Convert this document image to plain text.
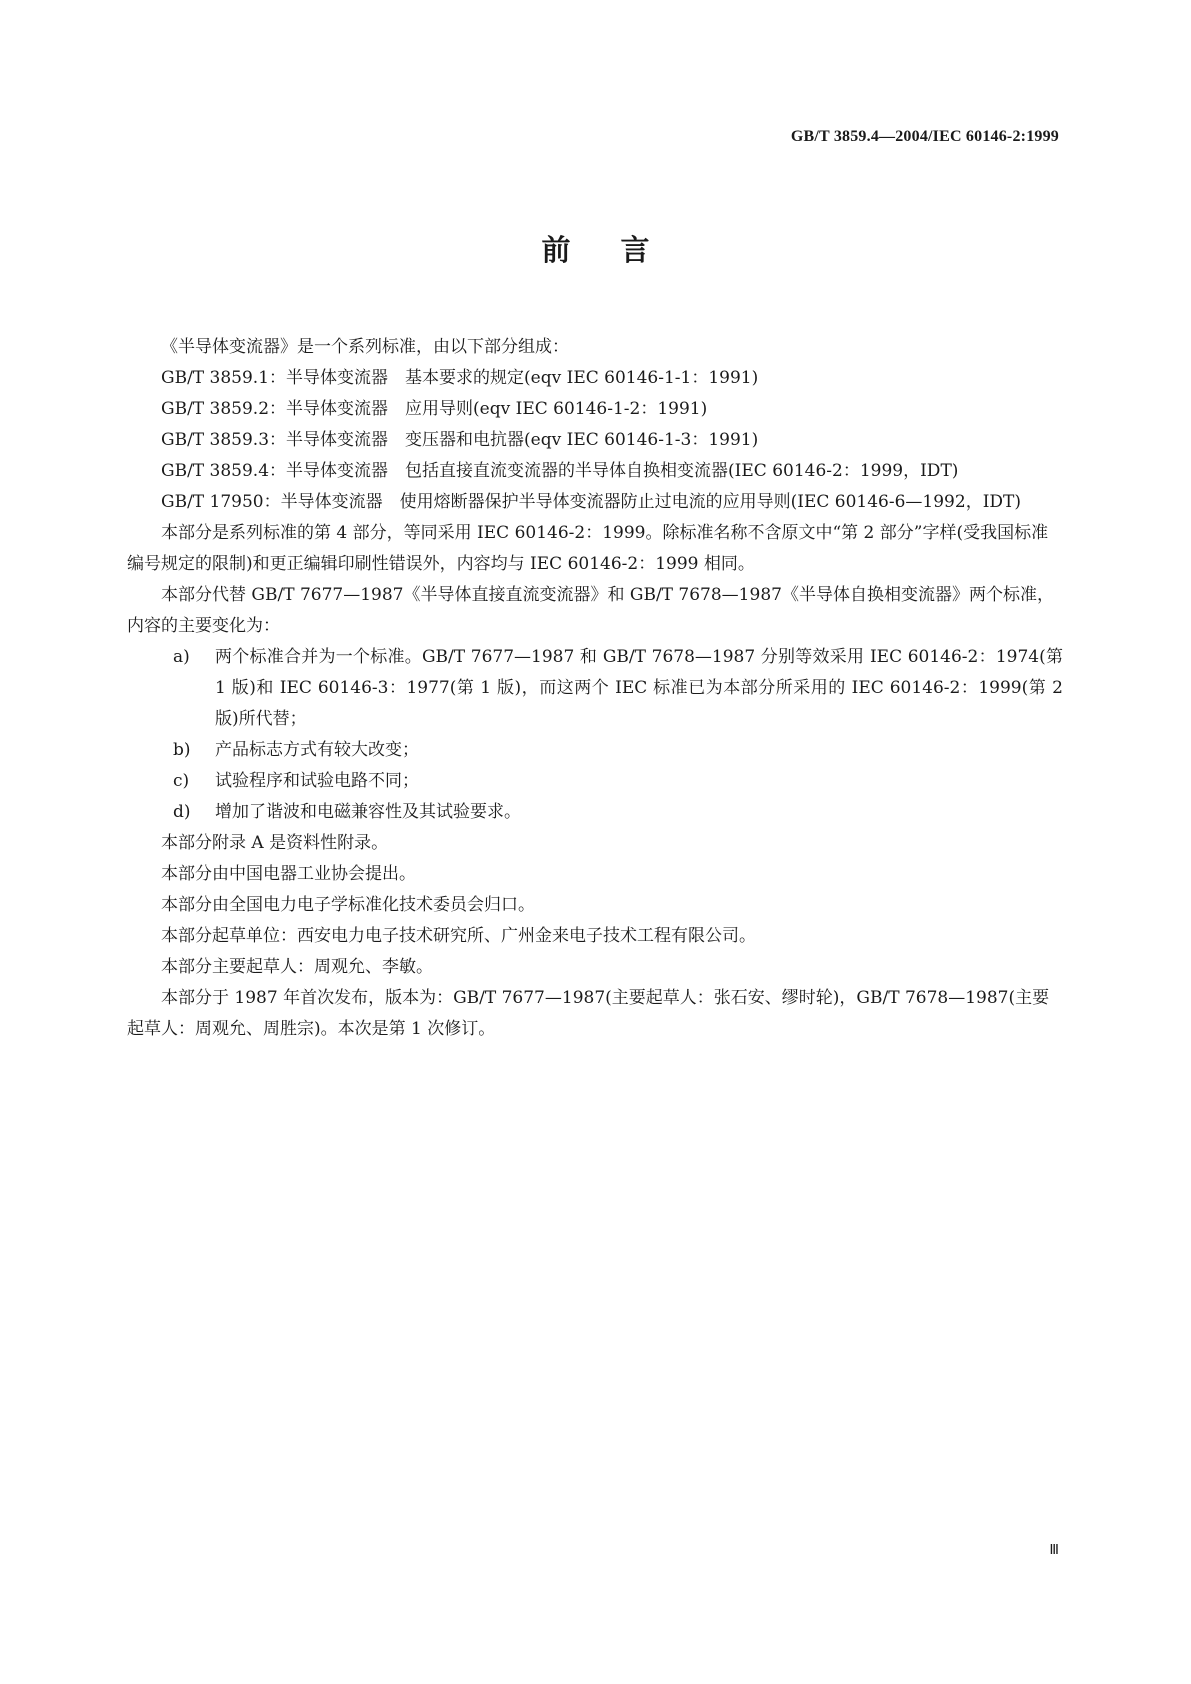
GB/T 3859.4—2004/IEC 60146-2:1999
前 言

《半导体变流器》是一个系列标准，由以下部分组成：

GB/T 3859.1：半导体变流器　基本要求的规定(eqv IEC 60146-1-1：1991)

GB/T 3859.2：半导体变流器　应用导则(eqv IEC 60146-1-2：1991)

GB/T 3859.3：半导体变流器　变压器和电抗器(eqv IEC 60146-1-3：1991)

GB/T 3859.4：半导体变流器　包括直接直流变流器的半导体自换相变流器(IEC 60146-2：1999，IDT)

GB/T 17950：半导体变流器　使用熔断器保护半导体变流器防止过电流的应用导则(IEC 60146-6—1992，IDT)

本部分是系列标准的第 4 部分，等同采用 IEC 60146-2：1999。除标准名称不含原文中“第 2 部分”字样(受我国标准编号规定的限制)和更正编辑印刷性错误外，内容均与 IEC 60146-2：1999 相同。

本部分代替 GB/T 7677—1987《半导体直接直流变流器》和 GB/T 7678—1987《半导体自换相变流器》两个标准，内容的主要变化为：

a) 两个标准合并为一个标准。GB/T 7677—1987 和 GB/T 7678—1987 分别等效采用 IEC 60146-2：1974(第 1 版)和 IEC 60146-3：1977(第 1 版)，而这两个 IEC 标准已为本部分所采用的 IEC 60146-2：1999(第 2 版)所代替；
b) 产品标志方式有较大改变；
c) 试验程序和试验电路不同；
d) 增加了谐波和电磁兼容性及其试验要求。

本部分附录 A 是资料性附录。

本部分由中国电器工业协会提出。

本部分由全国电力电子学标准化技术委员会归口。

本部分起草单位：西安电力电子技术研究所、广州金来电子技术工程有限公司。

本部分主要起草人：周观允、李敏。

本部分于 1987 年首次发布，版本为：GB/T 7677—1987(主要起草人：张石安、缪时轮)，GB/T 7678—1987(主要起草人：周观允、周胜宗)。本次是第 1 次修订。

Ⅲ
